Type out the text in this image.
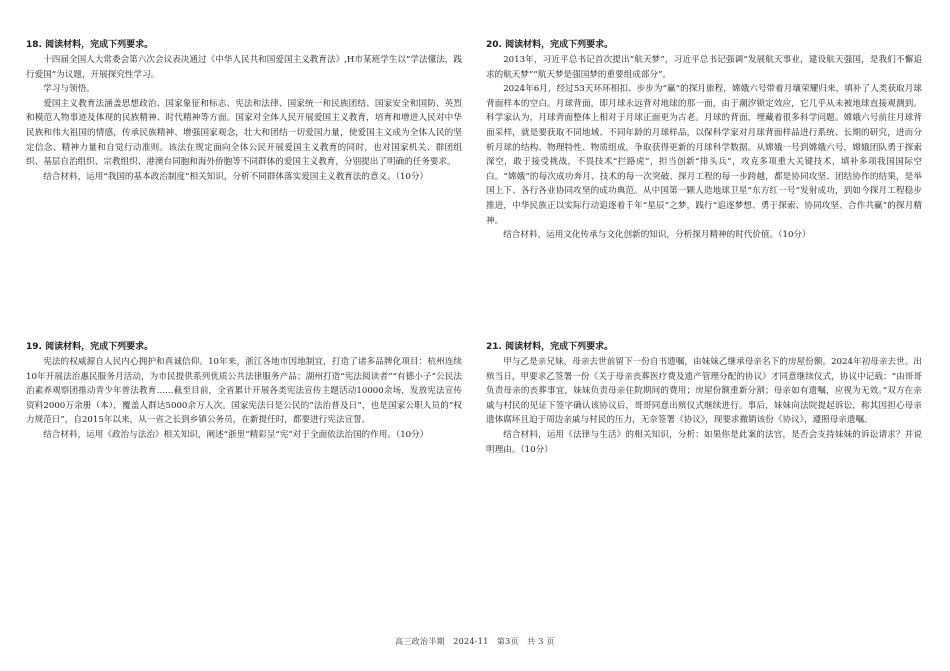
18. 阅读材料，完成下列要求。

十四届全国人大常委会第六次会议表决通过《中华人民共和国爱国主义教育法》,H市某班学生以“学法懂法，践行爱国”为议题，开展探究性学习。

学习与领悟。

爱国主义教育法涵盖思想政治、国家象征和标志、宪法和法律、国家统一和民族团结、国家安全和国防、英烈和模范人物事迹及体现的民族精神、时代精神等方面。国家对全体人民开展爱国主义教育，培育和增进人民对中华民族和伟大祖国的情感，传承民族精神、增强国家观念，壮大和团结一切爱国力量，使爱国主义成为全体人民的坚定信念、精神力量和自觉行动准则。该法在规定面向全体公民开展爱国主义教育的同时，也对国家机关、群团组织、基层自治组织、宗教组织、港澳台同胞和海外侨胞等不同群体的爱国主义教育，分别提出了明确的任务要求。

结合材料，运用“我国的基本政治制度”相关知识，分析不同群体落实爱国主义教育法的意义。（10分）

20. 阅读材料，完成下列要求。

2013年，习近平总书记首次提出“航天梦”，习近平总书记强调“发展航天事业，建设航天强国，是我们不懈追求的航天梦”“航天梦是强国梦的重要组成部分”。

2024年6月，经过53天环环相扣、步步为“赢”的探月旅程，嫦娥六号带着月壤荣耀归来，填补了人类获取月球背面样本的空白。月球背面，即月球永远背对地球的那一面，由于潮汐锁定效应，它几乎从未被地球直接观测到。科学家认为，月球背面整体上相对于月球正面更为古老。月球的背面，埋藏着很多科学问题。嫦娥六号前往月球背面采样，就是要获取不同地域、不同年龄的月球样品，以保科学家对月球背面样品进行系统、长期的研究，进而分析月球的结构、物理特性、物质组成，争取获得更新的月球科学数据。从嫦娥一号到嫦娥六号，嫦娥团队勇于探索深空，敢于接受挑战，不畏技术“拦路虎”，担当创新“排头兵”，攻克多项重大关键技术，填补多项我国国际空白。“嫦娥”的每次成功奔月、技术的每一次突破、探月工程的每一步跨越，都是协同攻坚、团结协作的结果，是举国上下、各行各业协同攻坚的成功典范。从中国第一颗人造地球卫星“东方红一号”发射成功，到如今探月工程稳步推进，中华民族正以实际行动追逐着千年“星辰”之梦，践行“追逐梦想、勇于探索、协同攻坚、合作共赢”的探月精神。

结合材料，运用文化传承与文化创新的知识，分析探月精神的时代价值。（10分）

19. 阅读材料，完成下列要求。

宪法的权威源自人民内心拥护和真诚信仰。10年来，浙江各地市因地制宜，打造了诸多品牌化项目：杭州连续10年开展法治惠民服务月活动，为市民提供系列优质公共法律服务产品；湖州打造“宪法阅读者”“有德小子”公民法治素养观察团推动青少年普法教育……截至目前，全省累计开展各类宪法宣传主题活动10000余场，发放宪法宣传资料2000万余册（本），覆盖人群达5000余万人次。国家宪法日是公民的“法治普及日”，也是国家公职人员的“权力规范日”，自2015年以来，从一省之长到乡镇公务员，在新提任时，都要进行宪法宣誓。

结合材料，运用《政治与法治》相关知识，阐述“浙里”精彩呈“宪”对于全面依法治国的作用。（10分）

21. 阅读材料，完成下列要求。

甲与乙是亲兄妹，母亲去世前留下一份自书遗嘱，由妹妹乙继承母亲名下的房屋份额。2024年初母亲去世。出殡当日，甲要求乙签署一份《关于母亲丧葬医疗费及遗产管理分配的协议》才同意继续仪式，协议中记载：“由哥哥负责母亲的丧葬事宜，妹妹负责母亲住院期间的费用；房屋份额重新分割；母亲如有遗嘱，应视为无效。”双方在亲戚与村民的见证下签字确认该协议后，哥哥同意出殡仪式继续进行。事后，妹妹向法院提起诉讼，称其因担心母亲遗体腐坏且迫于周边亲戚与村民的压力，无奈签署《协议》，现要求撤销该份《协议》，遵照母亲遗嘱。

结合材料，运用《法律与生活》的相关知识，分析：如果你是此案的法官，是否会支持妹妹的诉讼请求？并说明理由。（10分）

高三政治半期　2024-11　第3页　共 3 页
